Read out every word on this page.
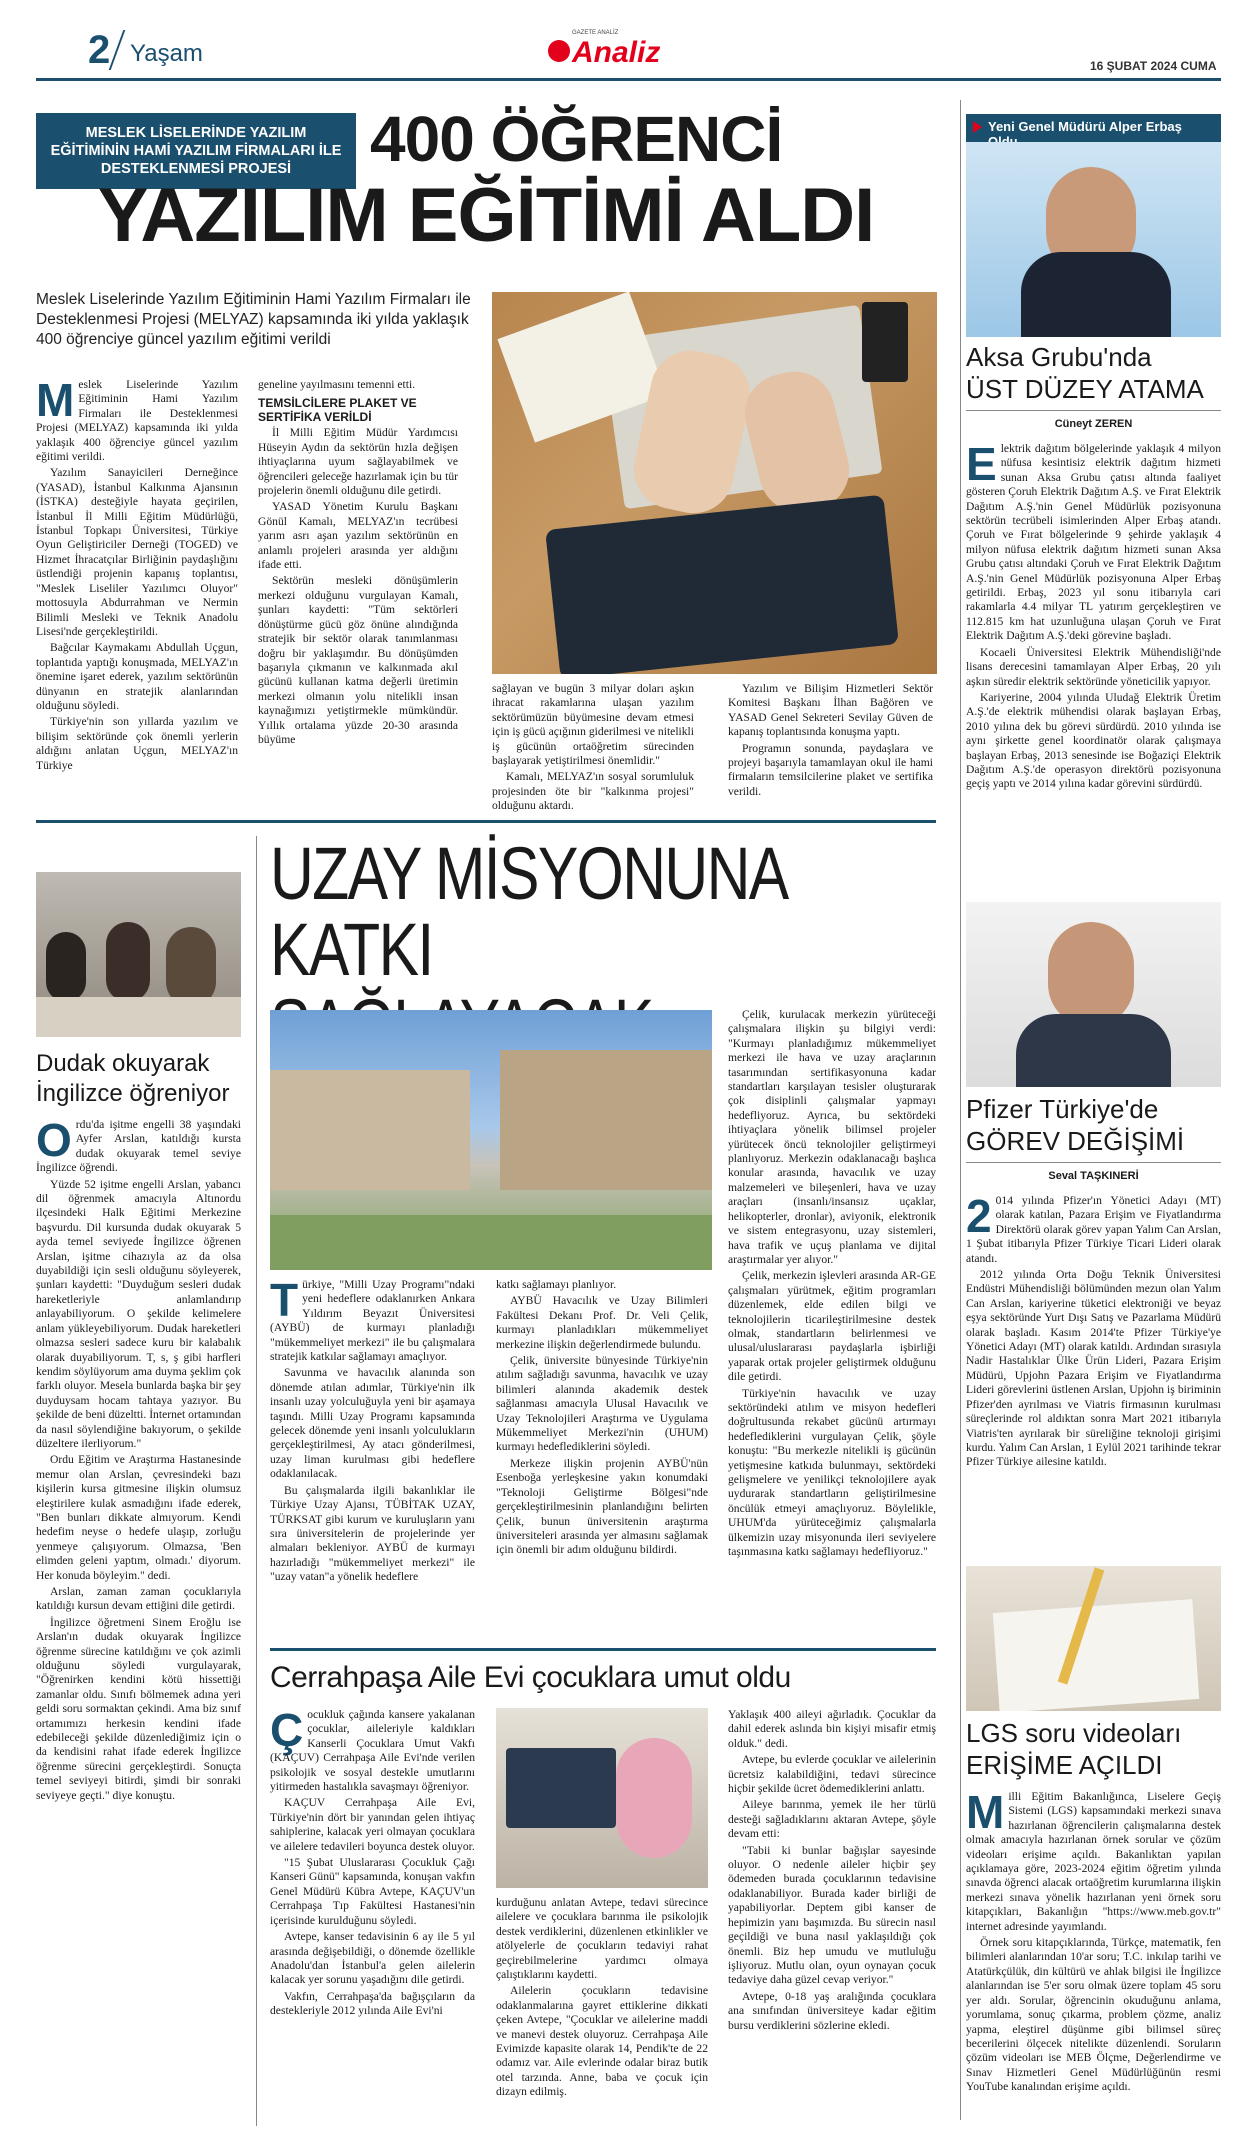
2 Yaşam
GAZETE ANALİZ
Analiz	16 ŞUBAT 2024 CUMA
MESLEK LİSELERİNDE YAZILIM EĞİTİMİNİN HAMİ YAZILIM FİRMALARI İLE DESTEKLENMESİ PROJESİ	400 ÖĞRENCİ
YAZILIM EĞİTİMİ ALDI
Meslek Liselerinde Yazılım Eğitiminin Hami Yazılım Firmaları ile Desteklenmesi Projesi (MELYAZ) kapsamında iki yılda yaklaşık 400 öğrenciye güncel yazılım eğitimi verildi
M eslek Liselerinde Yazılım Eğitiminin Hami Yazılım Firmaları ile Desteklenmesi Projesi (MELYAZ) kapsamında iki yılda yaklaşık 400 öğrenciye güncel yazılım eğitimi verildi.

Yazılım Sanayicileri Derneğince (YASAD), İstanbul Kalkınma Ajansının (İSTKA) desteğiyle hayata geçirilen, İstanbul İl Milli Eğitim Müdürlüğü, İstanbul Topkapı Üniversitesi, Türkiye Oyun Geliştiriciler Derneği (TOGED) ve Hizmet İhracatçılar Birliğinin paydaşlığını üstlendiği projenin kapanış toplantısı, "Meslek Liseliler Yazılımcı Oluyor" mottosuyla Abdurrahman ve Nermin Bilimli Mesleki ve Teknik Anadolu Lisesi'nde gerçekleştirildi.

Bağcılar Kaymakamı Abdullah Uçgun, toplantıda yaptığı konuşmada, MELYAZ'ın önemine işaret ederek, yazılım sektörünün dünyanın en stratejik alanlarından olduğunu söyledi.

Türkiye'nin son yıllarda yazılım ve bilişim sektöründe çok önemli yerlerin aldığını anlatan Uçgun, MELYAZ'ın Türkiye

geneline yayılmasını temenni etti.

TEMSİLCİLERE PLAKET VE SERTİFİKA VERİLDİ

İl Milli Eğitim Müdür Yardımcısı Hüseyin Aydın da sektörün hızla değişen ihtiyaçlarına uyum sağlayabilmek ve öğrencileri geleceğe hazırlamak için bu tür projelerin önemli olduğunu dile getirdi.

YASAD Yönetim Kurulu Başkanı Gönül Kamalı, MELYAZ'ın tecrübesi yarım asrı aşan yazılım sektörünün en anlamlı projeleri arasında yer aldığını ifade etti.

Sektörün mesleki dönüşümlerin merkezi olduğunu vurgulayan Kamalı, şunları kaydetti: "Tüm sektörleri dönüştürme gücü göz önüne alındığında stratejik bir sektör olarak tanımlanması doğru bir yaklaşımdır. Bu dönüşümden başarıyla çıkmanın ve kalkınmada akıl gücünü kullanan katma değerli üretimin merkezi olmanın yolu nitelikli insan kaynağımızı yetiştirmekle mümkündür. Yıllık ortalama yüzde 20-30 arasında büyüme

sağlayan ve bugün 3 milyar doları aşkın ihracat rakamlarına ulaşan yazılım sektörümüzün büyümesine devam etmesi için iş gücü açığının giderilmesi ve nitelikli iş gücünün ortaöğretim sürecinden başlayarak yetiştirilmesi önemlidir."

Kamalı, MELYAZ'ın sosyal sorumluluk projesinden öte bir "kalkınma projesi" olduğunu aktardı.

Yazılım ve Bilişim Hizmetleri Sektör Komitesi Başkanı İlhan Bağören ve YASAD Genel Sekreteri Sevilay Güven de kapanış toplantısında konuşma yaptı.

Programın sonunda, paydaşlara ve projeyi başarıyla tamamlayan okul ile hami firmaların temsilcilerine plaket ve sertifika verildi.

Yeni Genel Müdürü Alper Erbaş
Aksa Grubu'nda
ÜST DÜZEY ATAMA
Cüneyt ZEREN
E lektrik dağıtım bölgelerinde yaklaşık 4 milyon nüfusa kesintisiz elektrik dağıtım hizmeti sunan Aksa Grubu çatısı altında faaliyet gösteren Çoruh Elektrik Dağıtım A.Ş. ve Fırat Elektrik Dağıtım A.Ş.'nin Genel Müdürlük pozisyonuna sektörün tecrübeli isimlerinden Alper Erbaş atandı. Çoruh ve Fırat bölgelerinde 9 şehirde yaklaşık 4 milyon nüfusa elektrik dağıtım hizmeti sunan Aksa Grubu çatısı altındaki Çoruh ve Fırat Elektrik Dağıtım A.Ş.'nin Genel Müdürlük pozisyonuna Alper Erbaş getirildi. Erbaş, 2023 yıl sonu itibarıyla cari rakamlarla 4.4 milyar TL yatırım gerçekleştiren ve 112.815 km hat uzunluğuna ulaşan Çoruh ve Fırat Elektrik Dağıtım A.Ş.'deki görevine başladı.

Kocaeli Üniversitesi Elektrik Mühendisliği'nde lisans derecesini tamamlayan Alper Erbaş, 20 yılı aşkın süredir elektrik sektöründe yöneticilik yapıyor.

Kariyerine, 2004 yılında Uludağ Elektrik Üretim A.Ş.'de elektrik mühendisi olarak başlayan Erbaş, 2010 yılına dek bu görevi sürdürdü. 2010 yılında ise aynı şirkette genel koordinatör olarak çalışmaya başlayan Erbaş, 2013 senesinde ise Boğaziçi Elektrik Dağıtım A.Ş.'de operasyon direktörü pozisyonuna geçiş yaptı ve 2014 yılına kadar görevini sürdürdü.

Pfizer Türkiye'de
GÖREV DEĞİŞİMİ
Seval TAŞKINERİ
2 014 yılında Pfizer'ın Yönetici Adayı (MT) olarak katılan, Pazara Erişim ve Fiyatlandırma Direktörü olarak görev yapan Yalım Can Arslan, 1 Şubat itibarıyla Pfizer Türkiye Ticari Lideri olarak atandı.

2012 yılında Orta Doğu Teknik Üniversitesi Endüstri Mühendisliği bölümünden mezun olan Yalım Can Arslan, kariyerine tüketici elektroniği ve beyaz eşya sektöründe Yurt Dışı Satış ve Pazarlama Müdürü olarak başladı. Kasım 2014'te Pfizer Türkiye'ye Yönetici Adayı (MT) olarak katıldı. Ardından sırasıyla Nadir Hastalıklar Ülke Ürün Lideri, Pazara Erişim Müdürü, Upjohn Pazara Erişim ve Fiyatlandırma Lideri görevlerini üstlenen Arslan, Upjohn iş biriminin Pfizer'den ayrılması ve Viatris firmasının kurulması süreçlerinde rol aldıktan sonra Mart 2021 itibarıyla Viatris'ten ayrılarak bir süreliğine teknoloji girişimi kurdu. Yalım Can Arslan, 1 Eylül 2021 tarihinde tekrar Pfizer Türkiye ailesine katıldı.

LGS soru videoları
ERİŞİME AÇILDI
M illi Eğitim Bakanlığınca, Liselere Geçiş Sistemi (LGS) kapsamındaki merkezi sınava hazırlanan öğrencilerin çalışmalarına destek olmak amacıyla hazırlanan örnek sorular ve çözüm videoları erişime açıldı. Bakanlıktan yapılan açıklamaya göre, 2023-2024 eğitim öğretim yılında sınavda öğrenci alacak ortaöğretim kurumlarına ilişkin merkezi sınava yönelik hazırlanan yeni örnek soru kitapçıkları, Bakanlığın "https://www.meb.gov.tr" internet adresinde yayımlandı.

Örnek soru kitapçıklarında, Türkçe, matematik, fen bilimleri alanlarından 10'ar soru; T.C. inkılap tarihi ve Atatürkçülük, din kültürü ve ahlak bilgisi ile İngilizce alanlarından ise 5'er soru olmak üzere toplam 45 soru yer aldı. Sorular, öğrencinin okuduğunu anlama, yorumlama, sonuç çıkarma, problem çözme, analiz yapma, eleştirel düşünme gibi bilimsel süreç becerilerini ölçecek nitelikte düzenlendi. Soruların çözüm videoları ise MEB Ölçme, Değerlendirme ve Sınav Hizmetleri Genel Müdürlüğünün resmi YouTube kanalından erişime açıldı.

Dudak okuyarak
İngilizce öğreniyor
O rdu'da işitme engelli 38 yaşındaki Ayfer Arslan, katıldığı kursta dudak okuyarak temel seviye İngilizce öğrendi.

Yüzde 52 işitme engelli Arslan, yabancı dil öğrenmek amacıyla Altınordu ilçesindeki Halk Eğitimi Merkezine başvurdu. Dil kursunda dudak okuyarak 5 ayda temel seviyede İngilizce öğrenen Arslan, işitme cihazıyla az da olsa duyabildiği için sesli olduğunu söyleyerek, şunları kaydetti: "Duyduğum sesleri dudak hareketleriyle anlamlandırıp anlayabiliyorum. O şekilde kelimelere anlam yükleyebiliyorum. Dudak hareketleri olmazsa sesleri sadece kuru bir kalabalık olarak duyabiliyorum. T, s, ş gibi harfleri kendim söylüyorum ama duyma şeklim çok farklı oluyor. Mesela bunlarda başka bir şey duyduysam hocam tahtaya yazıyor. Bu şekilde de beni düzeltti. İnternet ortamından da nasıl söylendiğine bakıyorum, o şekilde düzeltere ilerliyorum."

Ordu Eğitim ve Araştırma Hastanesinde memur olan Arslan, çevresindeki bazı kişilerin kursa gitmesine ilişkin olumsuz eleştirilere kulak asmadığını ifade ederek, "Ben bunları dikkate almıyorum. Kendi hedefim neyse o hedefe ulaşıp, zorluğu yenmeye çalışıyorum. Olmazsa, 'Ben elimden geleni yaptım, olmadı.' diyorum. Her konuda böyleyim." dedi.

Arslan, zaman zaman çocuklarıyla katıldığı kursun devam ettiğini dile getirdi.

İngilizce öğretmeni Sinem Eroğlu ise Arslan'ın dudak okuyarak İngilizce öğrenme sürecine katıldığını ve çok azimli olduğunu söyledi vurgulayarak, "Öğrenirken kendini kötü hissettiği zamanlar oldu. Sınıfı bölmemek adına yeri geldi soru sormaktan çekindi. Ama biz sınıf ortamımızı herkesin kendini ifade edebileceği şekilde düzenlediğimiz için o da kendisini rahat ifade ederek İngilizce öğrenme sürecini gerçekleştirdi. Sonuçta temel seviyeyi bitirdi, şimdi bir sonraki seviyeye geçti." diye konuştu.

UZAY MİSYONUNA
KATKI
T ürkiye, "Milli Uzay Programı"ndaki yeni hedeflere odaklanırken Ankara Yıldırım Beyazıt Üniversitesi (AYBÜ) de kurmayı planladığı "mükemmeliyet merkezi" ile bu çalışmalara stratejik katkılar sağlamayı amaçlıyor.

Savunma ve havacılık alanında son dönemde atılan adımlar, Türkiye'nin ilk insanlı uzay yolculuğuyla yeni bir aşamaya taşındı. Milli Uzay Programı kapsamında gelecek dönemde yeni insanlı yolculukların gerçekleştirilmesi, Ay atacı gönderilmesi, uzay liman kurulması gibi hedeflere odaklanılacak.

Bu çalışmalarda ilgili bakanlıklar ile Türkiye Uzay Ajansı, TÜBİTAK UZAY, TÜRKSAT gibi kurum ve kuruluşların yanı sıra üniversitelerin de projelerinde yer almaları bekleniyor. AYBÜ de kurmayı hazırladığı "mükemmeliyet merkezi" ile "uzay vatan"a yönelik hedeflere

katkı sağlamayı planlıyor.

AYBÜ Havacılık ve Uzay Bilimleri Fakültesi Dekanı Prof. Dr. Veli Çelik, kurmayı planladıkları mükemmeliyet merkezine ilişkin değerlendirmede bulundu.

Çelik, üniversite bünyesinde Türkiye'nin atılım sağladığı savunma, havacılık ve uzay bilimleri alanında akademik destek sağlanması amacıyla Ulusal Havacılık ve Uzay Teknolojileri Araştırma ve Uygulama Mükemmeliyet Merkezi'nin (UHUM) kurmayı hedeflediklerini söyledi.

Merkeze ilişkin projenin AYBÜ'nün Esenboğa yerleşkesine yakın konumdaki "Teknoloji Geliştirme Bölgesi"nde gerçekleştirilmesinin planlandığını belirten Çelik, bunun üniversitenin araştırma üniversiteleri arasında yer almasını sağlamak için önemli bir adım olduğunu bildirdi.

Çelik, kurulacak merkezin yürüteceği çalışmalara ilişkin şu bilgiyi verdi: "Kurmayı planladığımız mükemmeliyet merkezi ile hava ve uzay araçlarının tasarımından sertifikasyonuna kadar standartları karşılayan tesisler oluşturarak çok disiplinli çalışmalar yapmayı hedefliyoruz. Ayrıca, bu sektördeki ihtiyaçlara yönelik bilimsel projeler yürütecek öncü teknolojiler geliştirmeyi planlıyoruz. Merkezin odaklanacağı başlıca konular arasında, havacılık ve uzay malzemeleri ve bileşenleri, hava ve uzay araçları (insanlı/insansız uçaklar, helikopterler, dronlar), aviyonik, elektronik ve sistem entegrasyonu, uzay sistemleri, hava trafik ve uçuş planlama ve dijital araştırmalar yer alıyor."

Çelik, merkezin işlevleri arasında AR-GE çalışmaları yürütmek, eğitim programları düzenlemek, elde edilen bilgi ve teknolojilerin ticarileştirilmesine destek olmak, standartların belirlenmesi ve ulusal/uluslararası paydaşlarla işbirliği yaparak ortak projeler geliştirmek olduğunu dile getirdi.

Türkiye'nin havacılık ve uzay sektöründeki atılım ve misyon hedefleri doğrultusunda rekabet gücünü artırmayı hedeflediklerini vurgulayan Çelik, şöyle konuştu: "Bu merkezle nitelikli iş gücünün yetişmesine katkıda bulunmayı, sektördeki gelişmelere ve yenilikçi teknolojilere ayak uydurarak standartların geliştirilmesine öncülük etmeyi amaçlıyoruz. Böylelikle, UHUM'da yürüteceğimiz çalışmalarla ülkemizin uzay misyonunda ileri seviyelere taşınmasına katkı sağlamayı hedefliyoruz."

Cerrahpaşa Aile Evi çocuklara umut oldu
Ç ocukluk çağında kansere yakalanan çocuklar, aileleriyle kaldıkları Kanserli Çocuklara Umut Vakfı (KAÇUV) Cerrahpaşa Aile Evi'nde verilen psikolojik ve sosyal destekle umutlarını yitirmeden hastalıkla savaşmayı öğreniyor.

KAÇUV Cerrahpaşa Aile Evi, Türkiye'nin dört bir yanından gelen ihtiyaç sahiplerine, kalacak yeri olmayan çocuklara ve ailelere tedavileri boyunca destek oluyor.

"15 Şubat Uluslararası Çocukluk Çağı Kanseri Günü" kapsamında, konuşan vakfın Genel Müdürü Kübra Avtepe, KAÇUV'un Cerrahpaşa Tıp Fakültesi Hastanesi'nin içerisinde kurulduğunu söyledi.

Avtepe, kanser tedavisinin 6 ay ile 5 yıl arasında değişebildiği, o dönemde özellikle Anadolu'dan İstanbul'a gelen ailelerin kalacak yer sorunu yaşadığını dile getirdi.

Vakfın, Cerrahpaşa'da bağışçıların da destekleriyle 2012 yılında Aile Evi'ni

kurduğunu anlatan Avtepe, tedavi sürecince ailelere ve çocuklara barınma ile psikolojik destek verdiklerini, düzenlenen etkinlikler ve atölyelerle de çocukların tedaviyi rahat geçirebilmelerine yardımcı olmaya çalıştıklarını kaydetti.

Ailelerin çocukların tedavisine odaklanmalarına gayret ettiklerine dikkati çeken Avtepe, "Çocuklar ve ailelerine maddi ve manevi destek oluyoruz. Cerrahpaşa Aile Evimizde kapasite olarak 14, Pendik'te de 22 odamız var. Aile evlerinde odalar biraz butik otel tarzında. Anne, baba ve çocuk için dizayn edilmiş.

Yaklaşık 400 aileyi ağırladık. Çocuklar da dahil ederek aslında bin kişiyi misafir etmiş olduk." dedi.

Avtepe, bu evlerde çocuklar ve ailelerinin ücretsiz kalabildiğini, tedavi sürecince hiçbir şekilde ücret ödemediklerini anlattı.

Aileye barınma, yemek ile her türlü desteği sağladıklarını aktaran Avtepe, şöyle devam etti:

"Tabii ki bunlar bağışlar sayesinde oluyor. O nedenle aileler hiçbir şey ödemeden burada çocuklarının tedavisine odaklanabiliyor. Burada kader birliği de yapabiliyorlar. Deptem gibi kanser de hepimizin yanı başımızda. Bu sürecin nasıl geçildiği ve buna nasıl yaklaşıldığı çok önemli. Biz hep umudu ve mutluluğu işliyoruz. Mutlu olan, oyun oynayan çocuk tedaviye daha güzel cevap veriyor."

Avtepe, 0-18 yaş aralığında çocuklara ana sınıfından üniversiteye kadar eğitim bursu verdiklerini sözlerine ekledi.
